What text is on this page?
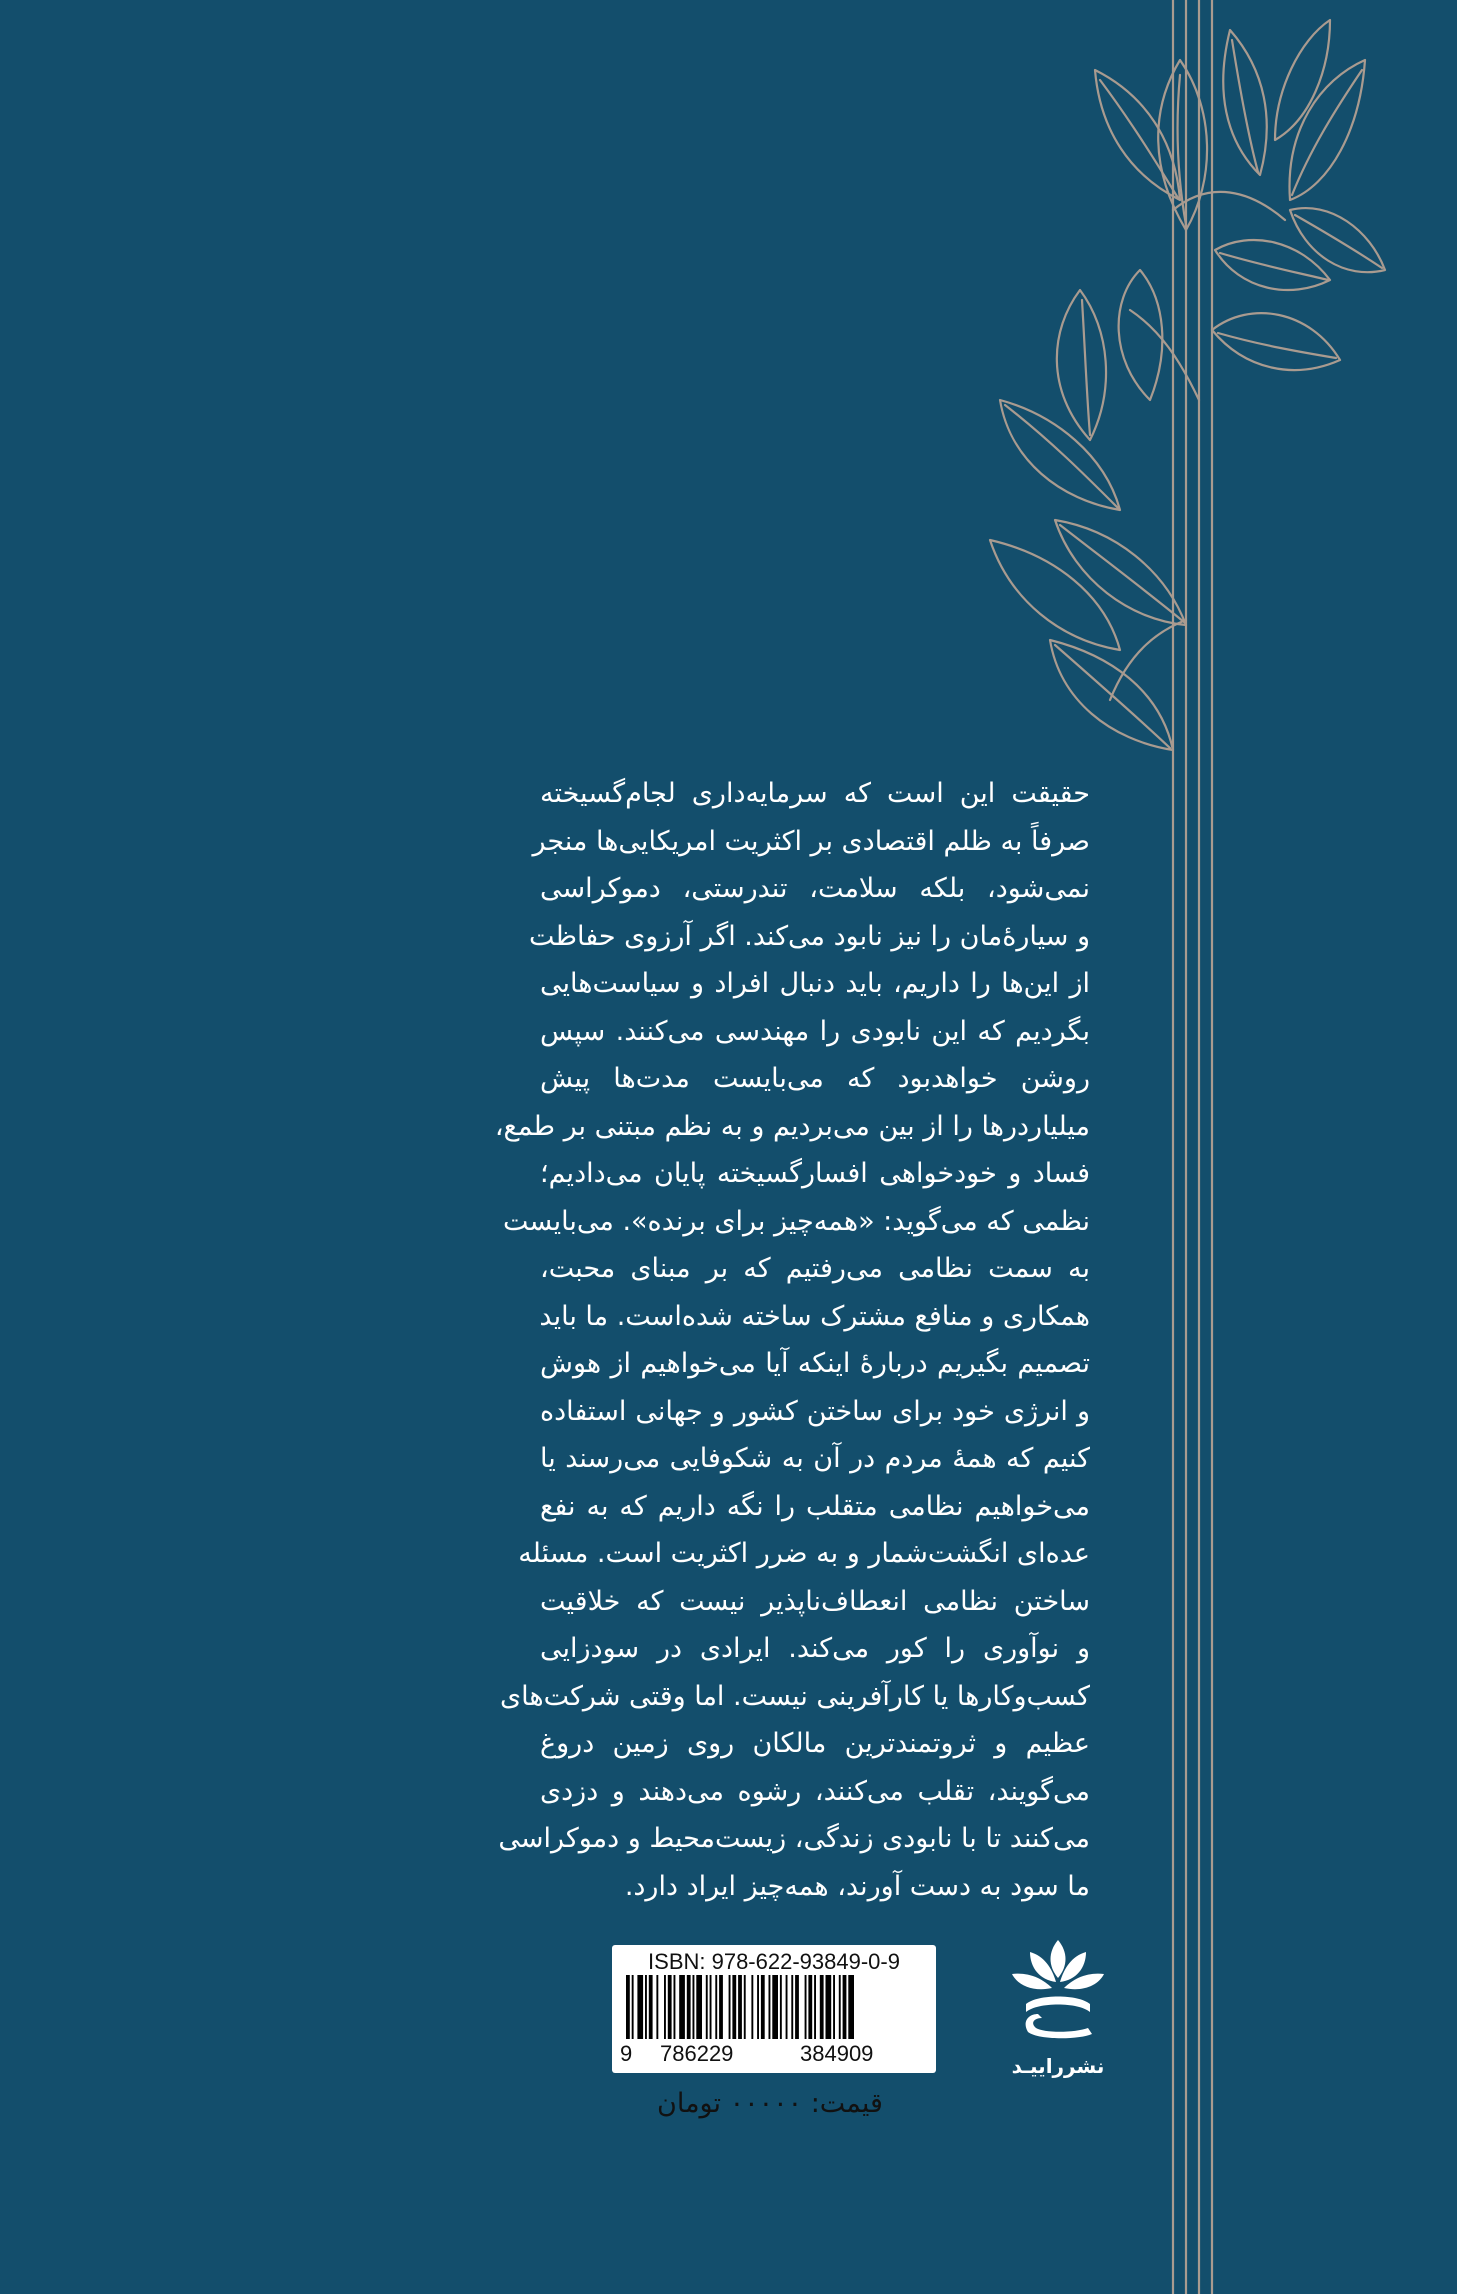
حقیقت این است که سرمایه‌داری لجام‌گسیخته
صرفاً به ظلم اقتصادی بر اکثریت امریکایی‌ها منجر
نمی‌شود، بلکه سلامت، تندرستی، دموکراسی
و سیارهٔ‌مان را نیز نابود می‌کند. اگر آرزوی حفاظت
از این‌ها را داریم، باید دنبال افراد و سیاست‌هایی
بگردیم که این نابودی را مهندسی می‌کنند. سپس
روشن خواهدبود که می‌بایست مدت‌ها پیش
میلیاردرها را از بین می‌بردیم و به نظم مبتنی بر طمع،
فساد و خودخواهی افسارگسیخته پایان می‌دادیم؛
نظمی که می‌گوید: «همه‌چیز برای برنده». می‌بایست
به سمت نظامی می‌رفتیم که بر مبنای محبت،
همکاری و منافع مشترک ساخته شده‌است. ما باید
تصمیم بگیریم دربارهٔ اینکه آیا می‌خواهیم از هوش
و انرژی خود برای ساختن کشور و جهانی استفاده
کنیم که همهٔ مردم در آن به شکوفایی می‌رسند یا
می‌خواهیم نظامی متقلب را نگه داریم که به نفع
عده‌ای انگشت‌شمار و به ضرر اکثریت است. مسئله
ساختن نظامی انعطاف‌ناپذیر نیست که خلاقیت
و نوآوری را کور می‌کند. ایرادی در سودزایی
کسب‌وکارها یا کارآفرینی نیست. اما وقتی شرکت‌های
عظیم و ثروتمندترین مالکان روی زمین دروغ
می‌گویند، تقلب می‌کنند، رشوه می‌دهند و دزدی
می‌کنند تا با نابودی زندگی، زیست‌محیط و دموکراسی
ما سود به دست آورند، همه‌چیز ایراد دارد.
ISBN: 978-622-93849-0-9
9 786229	384909
قیمت: ۰۰۰۰۰ تومان
نشرراییـد
